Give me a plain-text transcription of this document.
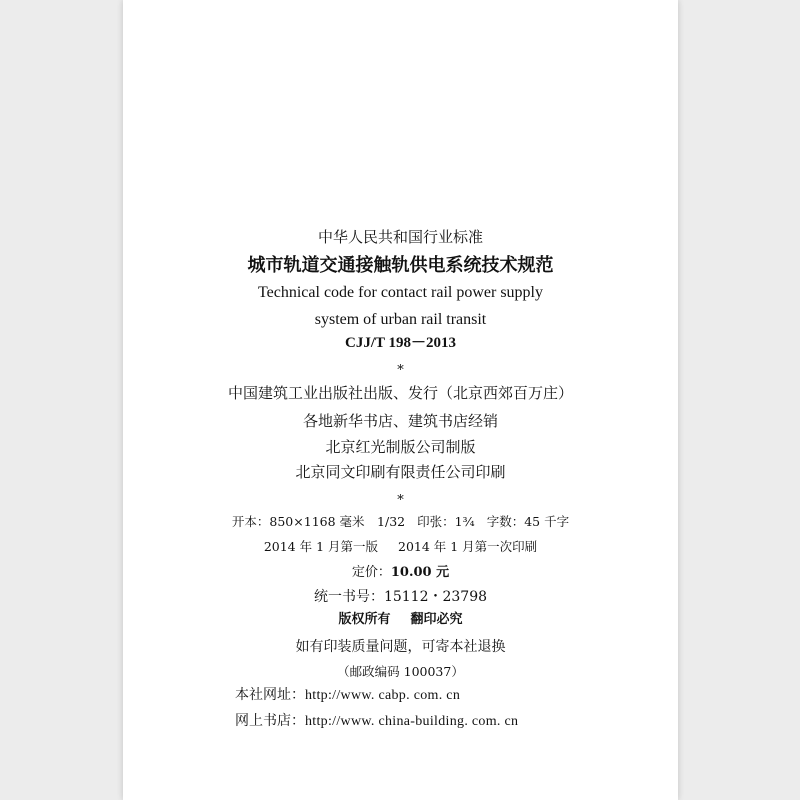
中华人民共和国行业标准
城市轨道交通接触轨供电系统技术规范
Technical code for contact rail power supply
system of urban rail transit
CJJ/T 198－2013
*
中国建筑工业出版社出版、发行（北京西郊百万庄）
各地新华书店、建筑书店经销
北京红光制版公司制版
北京同文印刷有限责任公司印刷
*
开本：850×1168 毫米　1/32 印张：1¾ 字数：45 千字
2014 年 1 月第一版 2014 年 1 月第一次印刷
定价：10.00 元
统一书号：15112・23798
版权所有 翻印必究
如有印装质量问题，可寄本社退换
（邮政编码 100037）
本社网址：http://www. cabp. com. cn
网上书店：http://www. china-building. com. cn
